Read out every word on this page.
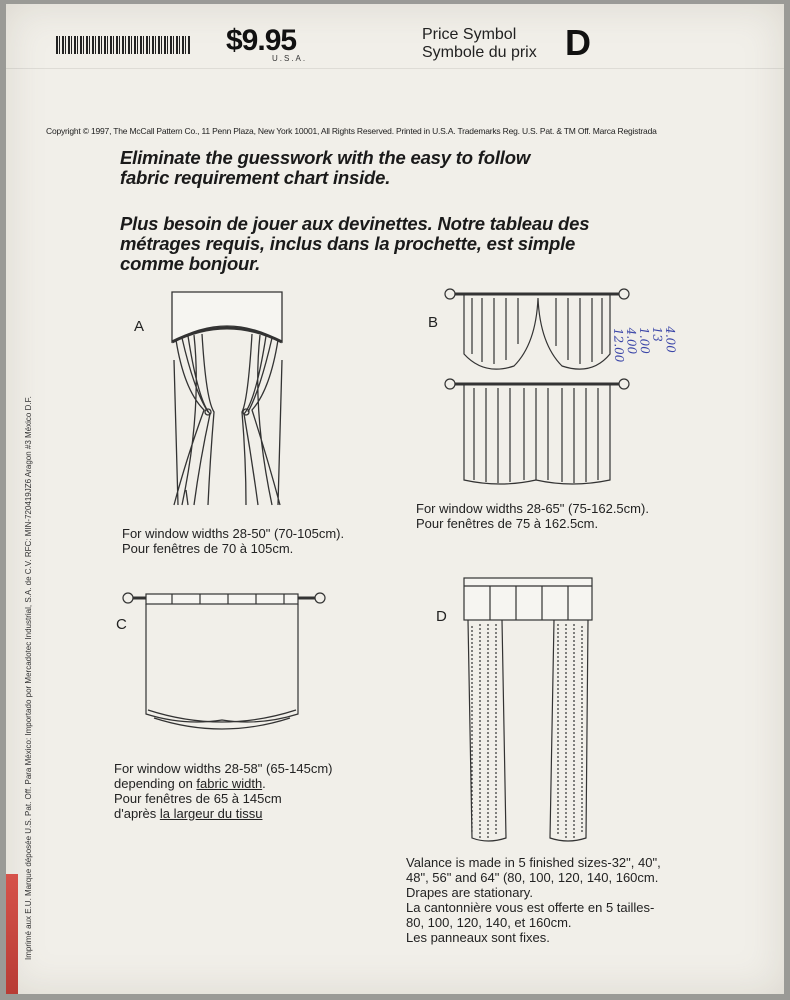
$9.95
U.S.A.
Price Symbol
Symbole du prix D
Copyright © 1997, The McCall Pattern Co., 11 Penn Plaza, New York 10001, All Rights Reserved. Printed in U.S.A. Trademarks Reg. U.S. Pat. & TM Off. Marca Registrada
Imprimé aux E.U. Marque déposée U.S. Pat. Off. Para México: Importado por Mercadotec Industrial, S.A. de C.V. RFC: MIN-720419JZ6 Aragon #3 México D.F.
Eliminate the guesswork with the easy to follow
fabric requirement chart inside.
Plus besoin de jouer aux devinettes. Notre tableau des
métrages requis, inclus dans la prochette, est simple
comme bonjour.
A
For window widths 28-50" (70-105cm).
Pour fenêtres de 70 à 105cm.
B
For window widths 28-65" (75-162.5cm).
Pour fenêtres de 75 à 162.5cm.
4.00
13
1.00
4.00
12.00
C
For window widths 28-58" (65-145cm)
depending on fabric width.
Pour fenêtres de 65 à 145cm
d'après la largeur du tissu
D
Valance is made in 5 finished sizes-32", 40",
48", 56" and 64" (80, 100, 120, 140, 160cm.
Drapes are stationary.
La cantonnière vous est offerte en 5 tailles-
80, 100, 120, 140, et 160cm.
Les panneaux sont fixes.
